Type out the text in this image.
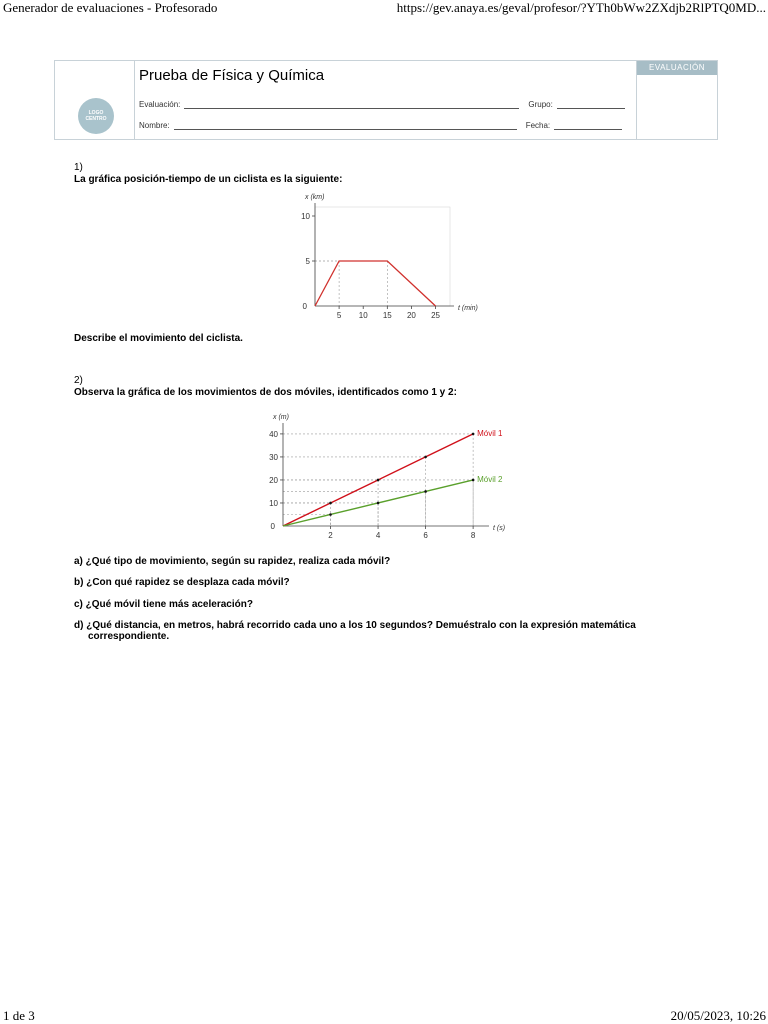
Generador de evaluaciones - Profesorado	https://gev.anaya.es/geval/profesor/?YTh0bWw2ZXdjb2RlPTQ0MD...
LOGO
CENTRO
Prueba de Física y Química
Evaluación:	Grupo:
Nombre:	Fecha:
EVALUACIÓN
1)
La gráfica posición-tiempo de un ciclista es la siguiente:
5 10 15 20 25
5
10
0	t (min)
x (km)
Describe el movimiento del ciclista.
2)
Observa la gráfica de los movimientos de dos móviles, identificados como 1 y 2:
2	4	6	8
10
20
30
40
0	t (s)
x (m)
Móvil 1
Móvil 2
a) ¿Qué tipo de movimiento, según su rapidez, realiza cada móvil?
b) ¿Con qué rapidez se desplaza cada móvil?
c) ¿Qué móvil tiene más aceleración?
d) ¿Qué distancia, en metros, habrá recorrido cada uno a los 10 segundos? Demuéstralo con la expresión matemática
correspondiente.
1 de 3	20/05/2023, 10:26
